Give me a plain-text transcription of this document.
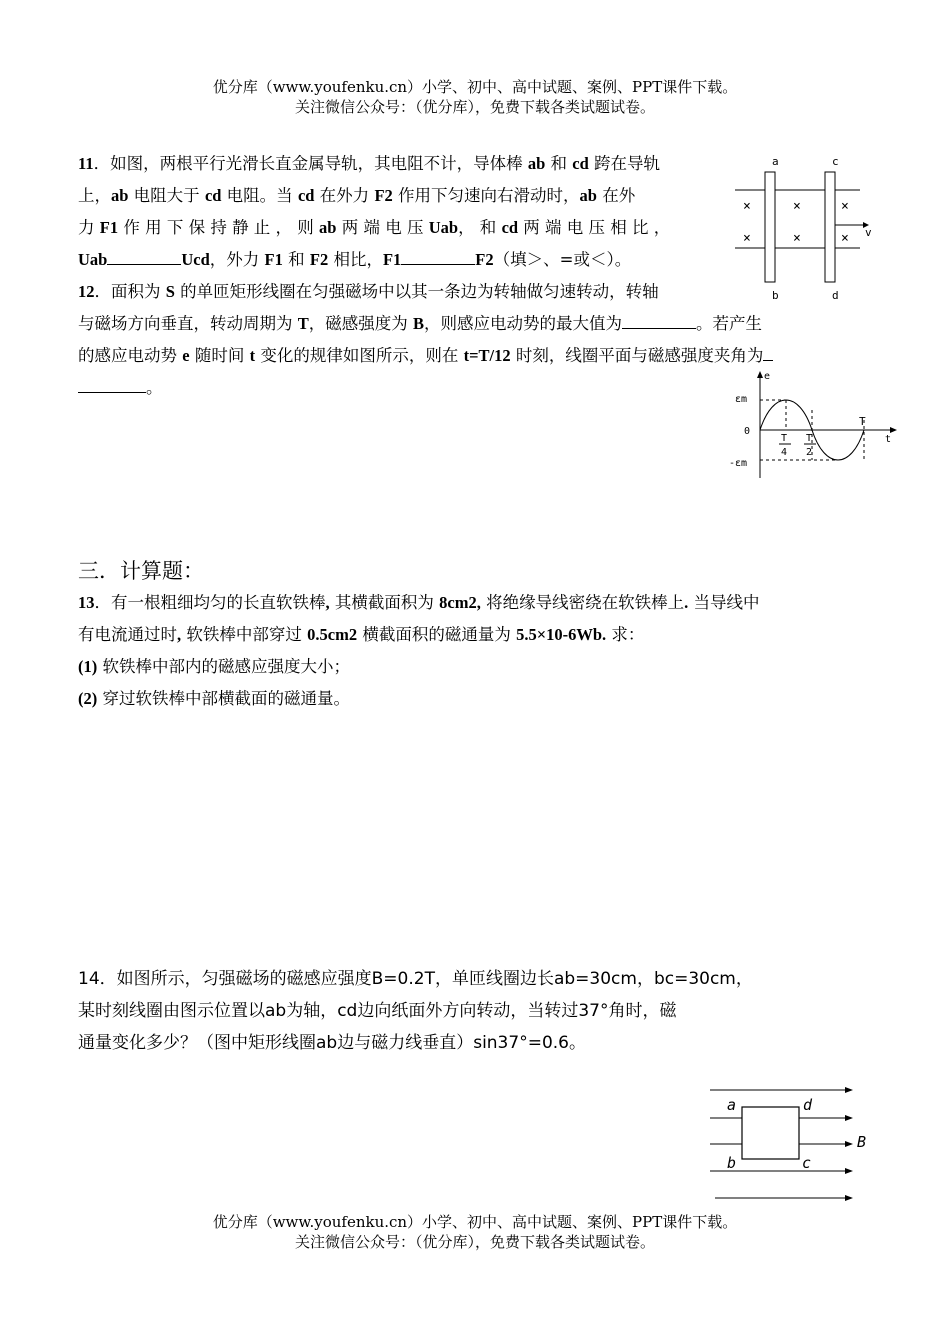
优分库（www.youfenku.cn）小学、初中、高中试题、案例、PPT课件下载。
关注微信公众号：（优分库），免费下载各类试题试卷。
11．如图，两根平行光滑长直金属导轨，其电阻不计，导体棒 ab 和 cd 跨在导轨
上，ab 电阻大于 cd 电阻。当 cd 在外力 F2 作用下匀速向右滑动时，ab 在外
力 F1 作 用 下 保 持 静 止 ， 则 ab 两 端 电 压 Uab， 和 cd 两 端 电 压 相 比 ，
Uab	Ucd，外力 F1 和 F2 相比，F1	F2（填＞、=或＜）。
a
b
c
d
×
×
×
×
×
× v
12．面积为 S 的单匝矩形线圈在匀强磁场中以其一条边为转轴做匀速转动，转轴
与磁场方向垂直，转动周期为 T，磁感强度为 B，则感应电动势的最大值为	。若产生
的感应电动势 e 随时间 t 变化的规律如图所示，则在 t=T/12 时刻，线圈平面与磁感强度夹角为
。
e
εm
0
-εm
T
4
T
2
T
t
三．计算题：
13．有一根粗细均匀的长直软铁棒, 其横截面积为 8cm2, 将绝缘导线密绕在软铁棒上. 当导线中
有电流通过时, 软铁棒中部穿过 0.5cm2 横截面积的磁通量为 5.5×10-6Wb. 求：
(1) 软铁棒中部内的磁感应强度大小；
(2) 穿过软铁棒中部横截面的磁通量。
14．如图所示，匀强磁场的磁感应强度B=0.2T，单匝线圈边长ab=30cm，bc=30cm，
某时刻线圈由图示位置以ab为轴，cd边向纸面外方向转动，当转过37°角时，磁
通量变化多少？（图中矩形线圈ab边与磁力线垂直）sin37°=0.6。
a	d
b	c
B
优分库（www.youfenku.cn）小学、初中、高中试题、案例、PPT课件下载。
关注微信公众号：（优分库），免费下载各类试题试卷。
